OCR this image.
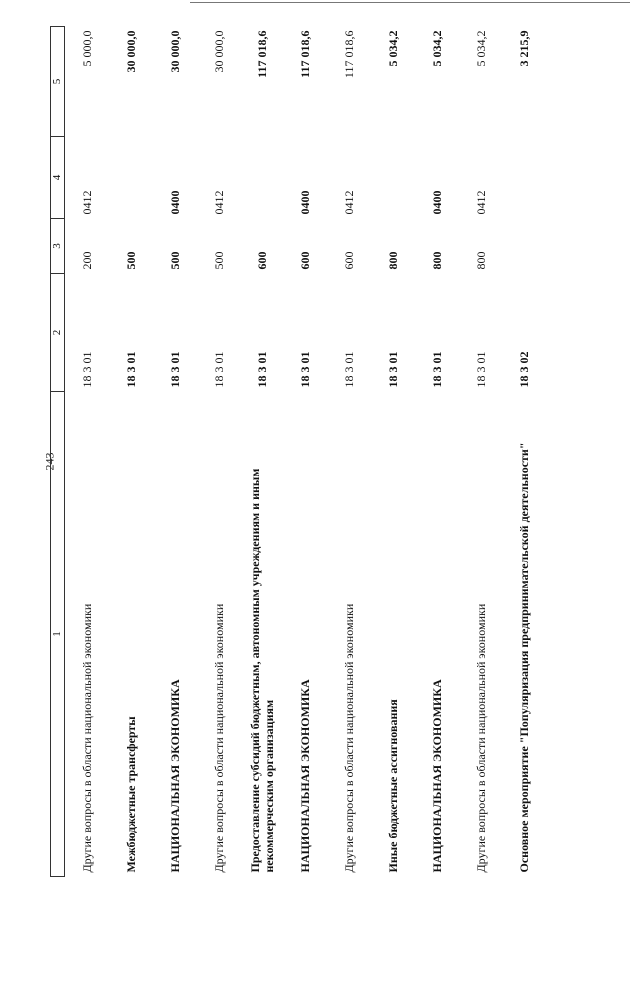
243
1	2	3	4	5
Другие вопросы в области национальной экономики	18 3 01	200	0412	5 000,0
Межбюджетные трансферты	18 3 01	500		30 000,0
НАЦИОНАЛЬНАЯ ЭКОНОМИКА	18 3 01	500	0400	30 000,0
Другие вопросы в области национальной экономики	18 3 01	500	0412	30 000,0
Предоставление субсидий бюджетным, автономным учреждениям и иным некоммерческим организациям	18 3 01	600		117 018,6
НАЦИОНАЛЬНАЯ ЭКОНОМИКА	18 3 01	600	0400	117 018,6
Другие вопросы в области национальной экономики	18 3 01	600	0412	117 018,6
Иные бюджетные ассигнования	18 3 01	800		5 034,2
НАЦИОНАЛЬНАЯ ЭКОНОМИКА	18 3 01	800	0400	5 034,2
Другие вопросы в области национальной экономики	18 3 01	800	0412	5 034,2
Основное мероприятие "Популяризация предпринимательской деятельности"	18 3 02			3 215,9
